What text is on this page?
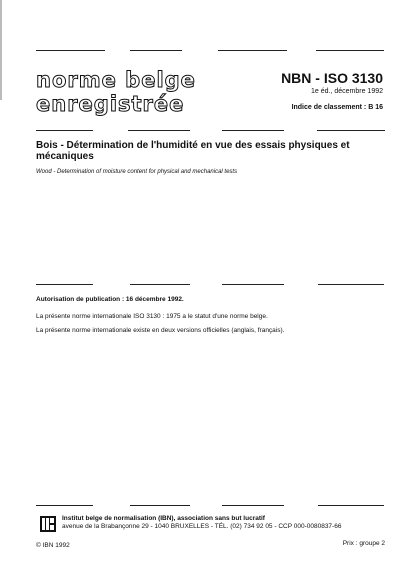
norme belge
enregistrée
NBN - ISO 3130
1e éd., décembre 1992
Indice de classement : B 16
Bois - Détermination de l'humidité en vue des essais physiques et mécaniques
Wood - Determination of moisture content for physical and mechanical tests
Autorisation de publication : 16 décembre 1992.
La présente norme internationale ISO 3130 : 1975 a le statut d'une norme belge.
La présente norme internationale existe en deux versions officielles (anglais, français).
Institut belge de normalisation (IBN), association sans but lucratif
avenue de la Brabançonne 29 - 1040 BRUXELLES - TÉL. (02) 734 92 05 - CCP 000-0080837-66
© IBN 1992	Prix : groupe 2
